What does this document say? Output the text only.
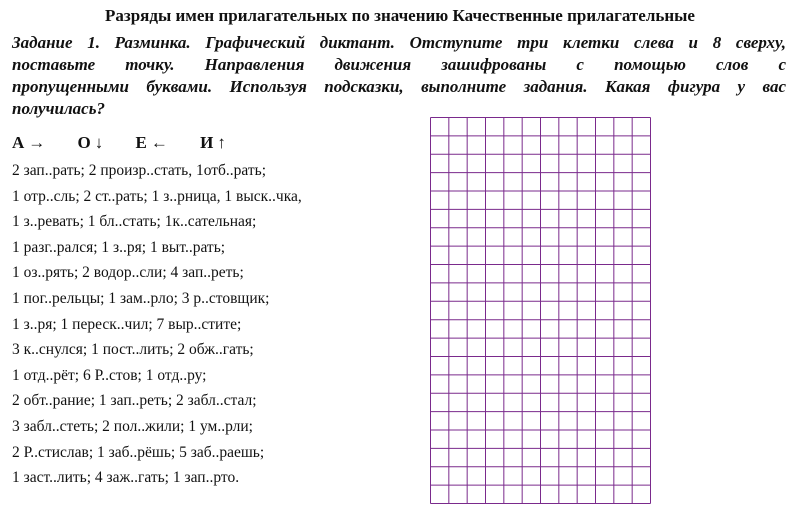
Разряды имен прилагательных по значению Качественные прилагательные
Задание 1. Разминка. Графический диктант. Отступите три клетки слева и 8 сверху,
поставьте точку. Направления движения зашифрованы с помощью слов с
пропущенными буквами. Используя подсказки, выполните задания. Какая фигура у вас
получилась?
А → О ↓ Е ← И ↑
2 зап..рать; 2 произр..стать, 1отб..рать;
1 отр..сль; 2 ст..рать; 1 з..рница, 1 выск..чка,
1 з..ревать; 1 бл..стать; 1к..сательная;
1 разг..рался; 1 з..ря; 1 выт..рать;
1 оз..рять; 2 водор..сли; 4 зап..реть;
1 пог..рельцы; 1 зам..рло; 3 р..стовщик;
1 з..ря; 1 переск..чил; 7 выр..стите;
3 к..снулся; 1 пост..лить; 2 обж..гать;
1 отд..рёт; 6 Р..стов; 1 отд..ру;
2 обт..рание; 1 зап..реть; 2 забл..стал;
3 забл..стеть; 2 пол..жили; 1 ум..рли;
2 Р..стислав; 1 заб..рёшь; 5 заб..раешь;
1 заст..лить; 4 заж..гать; 1 зап..рто.
